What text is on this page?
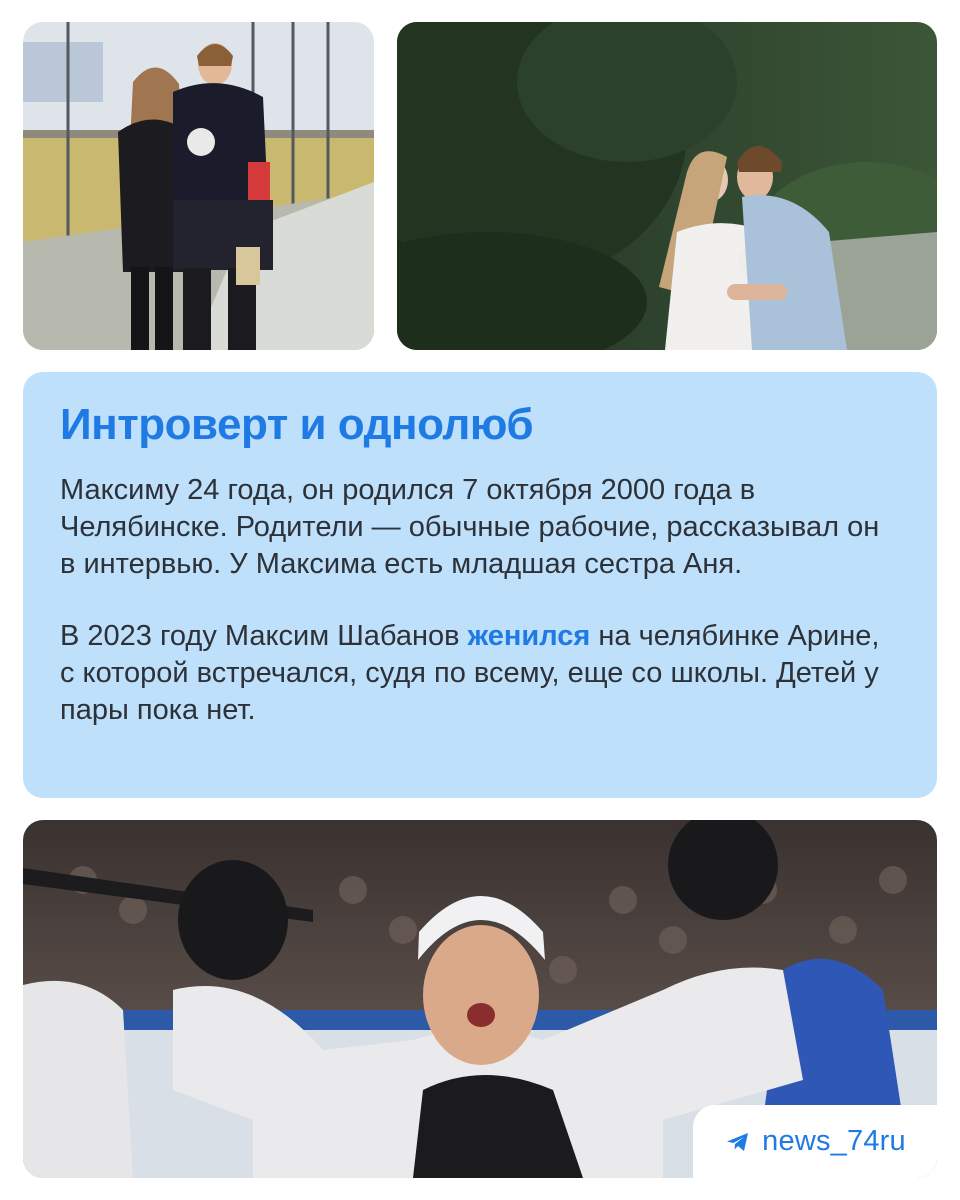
Интроверт и однолюб

Максиму 24 года, он родился 7 октября 2000 года в Челябинске. Родители — обычные рабочие, рассказывал он в интервью. У Максима есть младшая сестра Аня.

В 2023 году Максим Шабанов женился на челябинке Арине, с которой встречался, судя по всему, еще со школы. Детей у пары пока нет.

news_74ru
